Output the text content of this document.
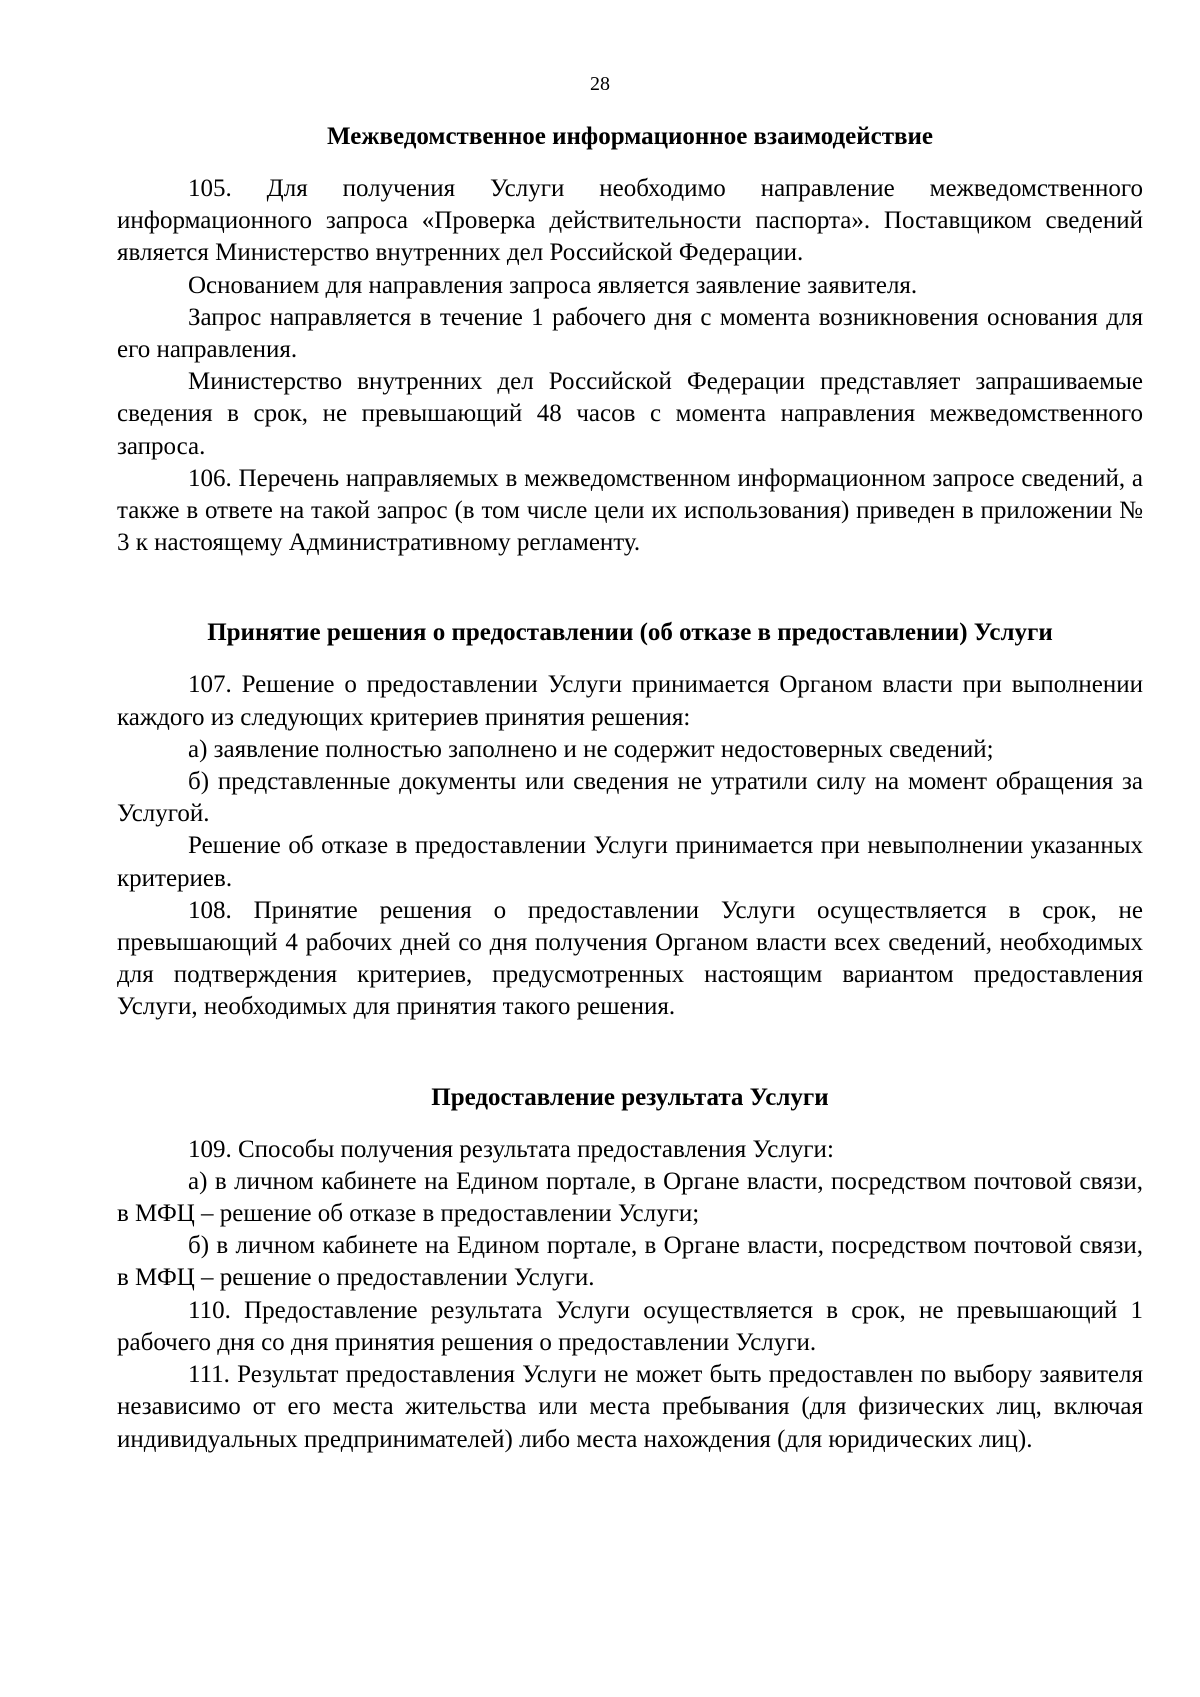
28
Межведомственное информационное взаимодействие

105. Для получения Услуги необходимо направление межведомственного информационного запроса «Проверка действительности паспорта». Поставщиком сведений является Министерство внутренних дел Российской Федерации.

Основанием для направления запроса является заявление заявителя.

Запрос направляется в течение 1 рабочего дня с момента возникновения основания для его направления.

Министерство внутренних дел Российской Федерации представляет запрашиваемые сведения в срок, не превышающий 48 часов с момента направления межведомственного запроса.

106. Перечень направляемых в межведомственном информационном запросе сведений, а также в ответе на такой запрос (в том числе цели их использования) приведен в приложении № 3 к настоящему Административному регламенту.

Принятие решения о предоставлении (об отказе в предоставлении) Услуги

107. Решение о предоставлении Услуги принимается Органом власти при выполнении каждого из следующих критериев принятия решения:

а) заявление полностью заполнено и не содержит недостоверных сведений;

б) представленные документы или сведения не утратили силу на момент обращения за Услугой.

Решение об отказе в предоставлении Услуги принимается при невыполнении указанных критериев.

108. Принятие решения о предоставлении Услуги осуществляется в срок, не превышающий 4 рабочих дней со дня получения Органом власти всех сведений, необходимых для подтверждения критериев, предусмотренных настоящим вариантом предоставления Услуги, необходимых для принятия такого решения.

Предоставление результата Услуги

109. Способы получения результата предоставления Услуги:

а) в личном кабинете на Едином портале, в Органе власти, посредством почтовой связи, в МФЦ – решение об отказе в предоставлении Услуги;

б) в личном кабинете на Едином портале, в Органе власти, посредством почтовой связи, в МФЦ – решение о предоставлении Услуги.

110. Предоставление результата Услуги осуществляется в срок, не превышающий 1 рабочего дня со дня принятия решения о предоставлении Услуги.

111. Результат предоставления Услуги не может быть предоставлен по выбору заявителя независимо от его места жительства или места пребывания (для физических лиц, включая индивидуальных предпринимателей) либо места нахождения (для юридических лиц).
